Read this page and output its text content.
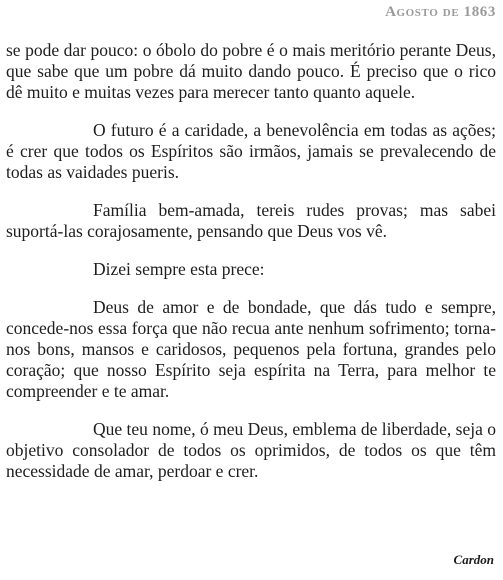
Agosto de 1863

se pode dar pouco: o óbolo do pobre é o mais meritório perante Deus, que sabe que um pobre dá muito dando pouco. É preciso que o rico dê muito e muitas vezes para merecer tanto quanto aquele.

O futuro é a caridade, a benevolência em todas as ações; é crer que todos os Espíritos são irmãos, jamais se prevalecendo de todas as vaidades pueris.

Família bem-amada, tereis rudes provas; mas sabei suportá-las corajosamente, pensando que Deus vos vê.

Dizei sempre esta prece:

Deus de amor e de bondade, que dás tudo e sempre, concede-nos essa força que não recua ante nenhum sofrimento; torna-nos bons, mansos e caridosos, pequenos pela fortuna, grandes pelo coração; que nosso Espírito seja espírita na Terra, para melhor te compreender e te amar.

Que teu nome, ó meu Deus, emblema de liberdade, seja o objetivo consolador de todos os oprimidos, de todos os que têm necessidade de amar, perdoar e crer.

Cardon
